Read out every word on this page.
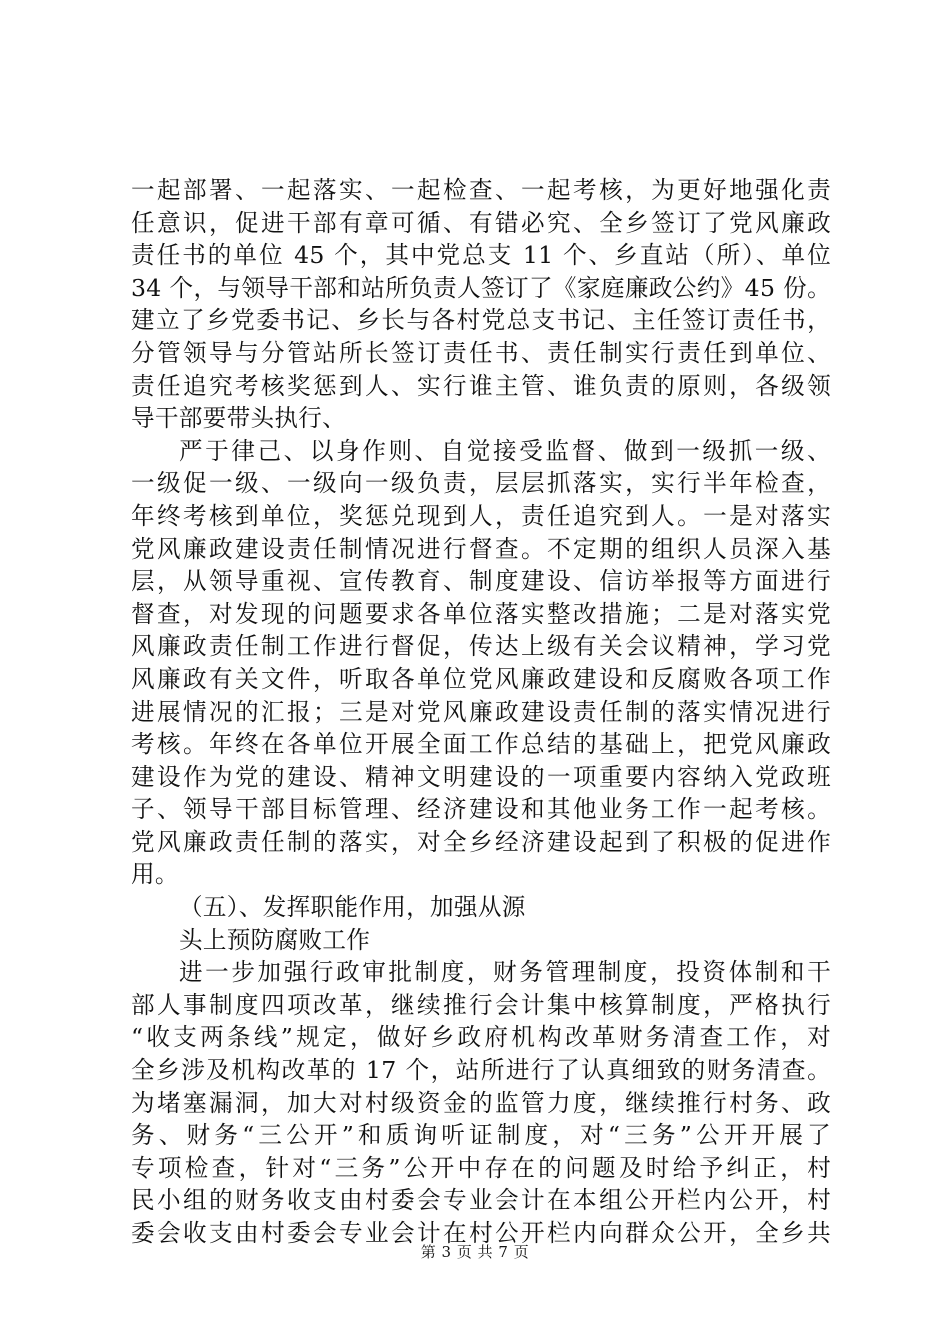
一起部署、一起落实、一起检查、一起考核，为更好地强化责
任意识，促进干部有章可循、有错必究、全乡签订了党风廉政
责任书的单位 45 个，其中党总支 11 个、乡直站（所）、单位
34 个，与领导干部和站所负责人签订了《家庭廉政公约》45 份。
建立了乡党委书记、乡长与各村党总支书记、主任签订责任书，
分管领导与分管站所长签订责任书、责任制实行责任到单位、
责任追究考核奖惩到人、实行谁主管、谁负责的原则，各级领
导干部要带头执行、
严于律己、以身作则、自觉接受监督、做到一级抓一级、
一级促一级、一级向一级负责，层层抓落实，实行半年检查，
年终考核到单位，奖惩兑现到人，责任追究到人。一是对落实
党风廉政建设责任制情况进行督查。不定期的组织人员深入基
层，从领导重视、宣传教育、制度建设、信访举报等方面进行
督查，对发现的问题要求各单位落实整改措施；二是对落实党
风廉政责任制工作进行督促，传达上级有关会议精神，学习党
风廉政有关文件，听取各单位党风廉政建设和反腐败各项工作
进展情况的汇报；三是对党风廉政建设责任制的落实情况进行
考核。年终在各单位开展全面工作总结的基础上，把党风廉政
建设作为党的建设、精神文明建设的一项重要内容纳入党政班
子、领导干部目标管理、经济建设和其他业务工作一起考核。
党风廉政责任制的落实，对全乡经济建设起到了积极的促进作
用。
（五）、发挥职能作用，加强从源
头上预防腐败工作
进一步加强行政审批制度，财务管理制度，投资体制和干
部人事制度四项改革，继续推行会计集中核算制度，严格执行
“收支两条线”规定，做好乡政府机构改革财务清查工作，对
全乡涉及机构改革的 17 个，站所进行了认真细致的财务清查。
为堵塞漏洞，加大对村级资金的监管力度，继续推行村务、政
务、财务“三公开”和质询听证制度，对“三务”公开开展了
专项检查，针对“三务”公开中存在的问题及时给予纠正，村
民小组的财务收支由村委会专业会计在本组公开栏内公开，村
委会收支由村委会专业会计在村公开栏内向群众公开，全乡共
第 3 页 共 7 页
